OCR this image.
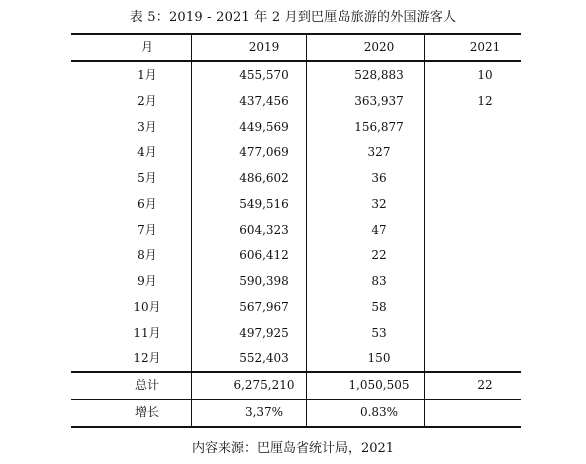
表 5：2019 - 2021 年 2 月到巴厘岛旅游的外国游客人
月	2019	2020	2021
1月	455,570	528,883	10
2月	437,456	363,937	12
3月	449,569	156,877
4月	477,069	327
5月	486,602	36
6月	549,516	32
7月	604,323	47
8月	606,412	22
9月	590,398	83
10月	567,967	58
11月	497,925	53
12月	552,403	150
总计	6,275,210	1,050,505	22
增长	3,37%	0.83%
内容来源：巴厘岛省统计局，2021
